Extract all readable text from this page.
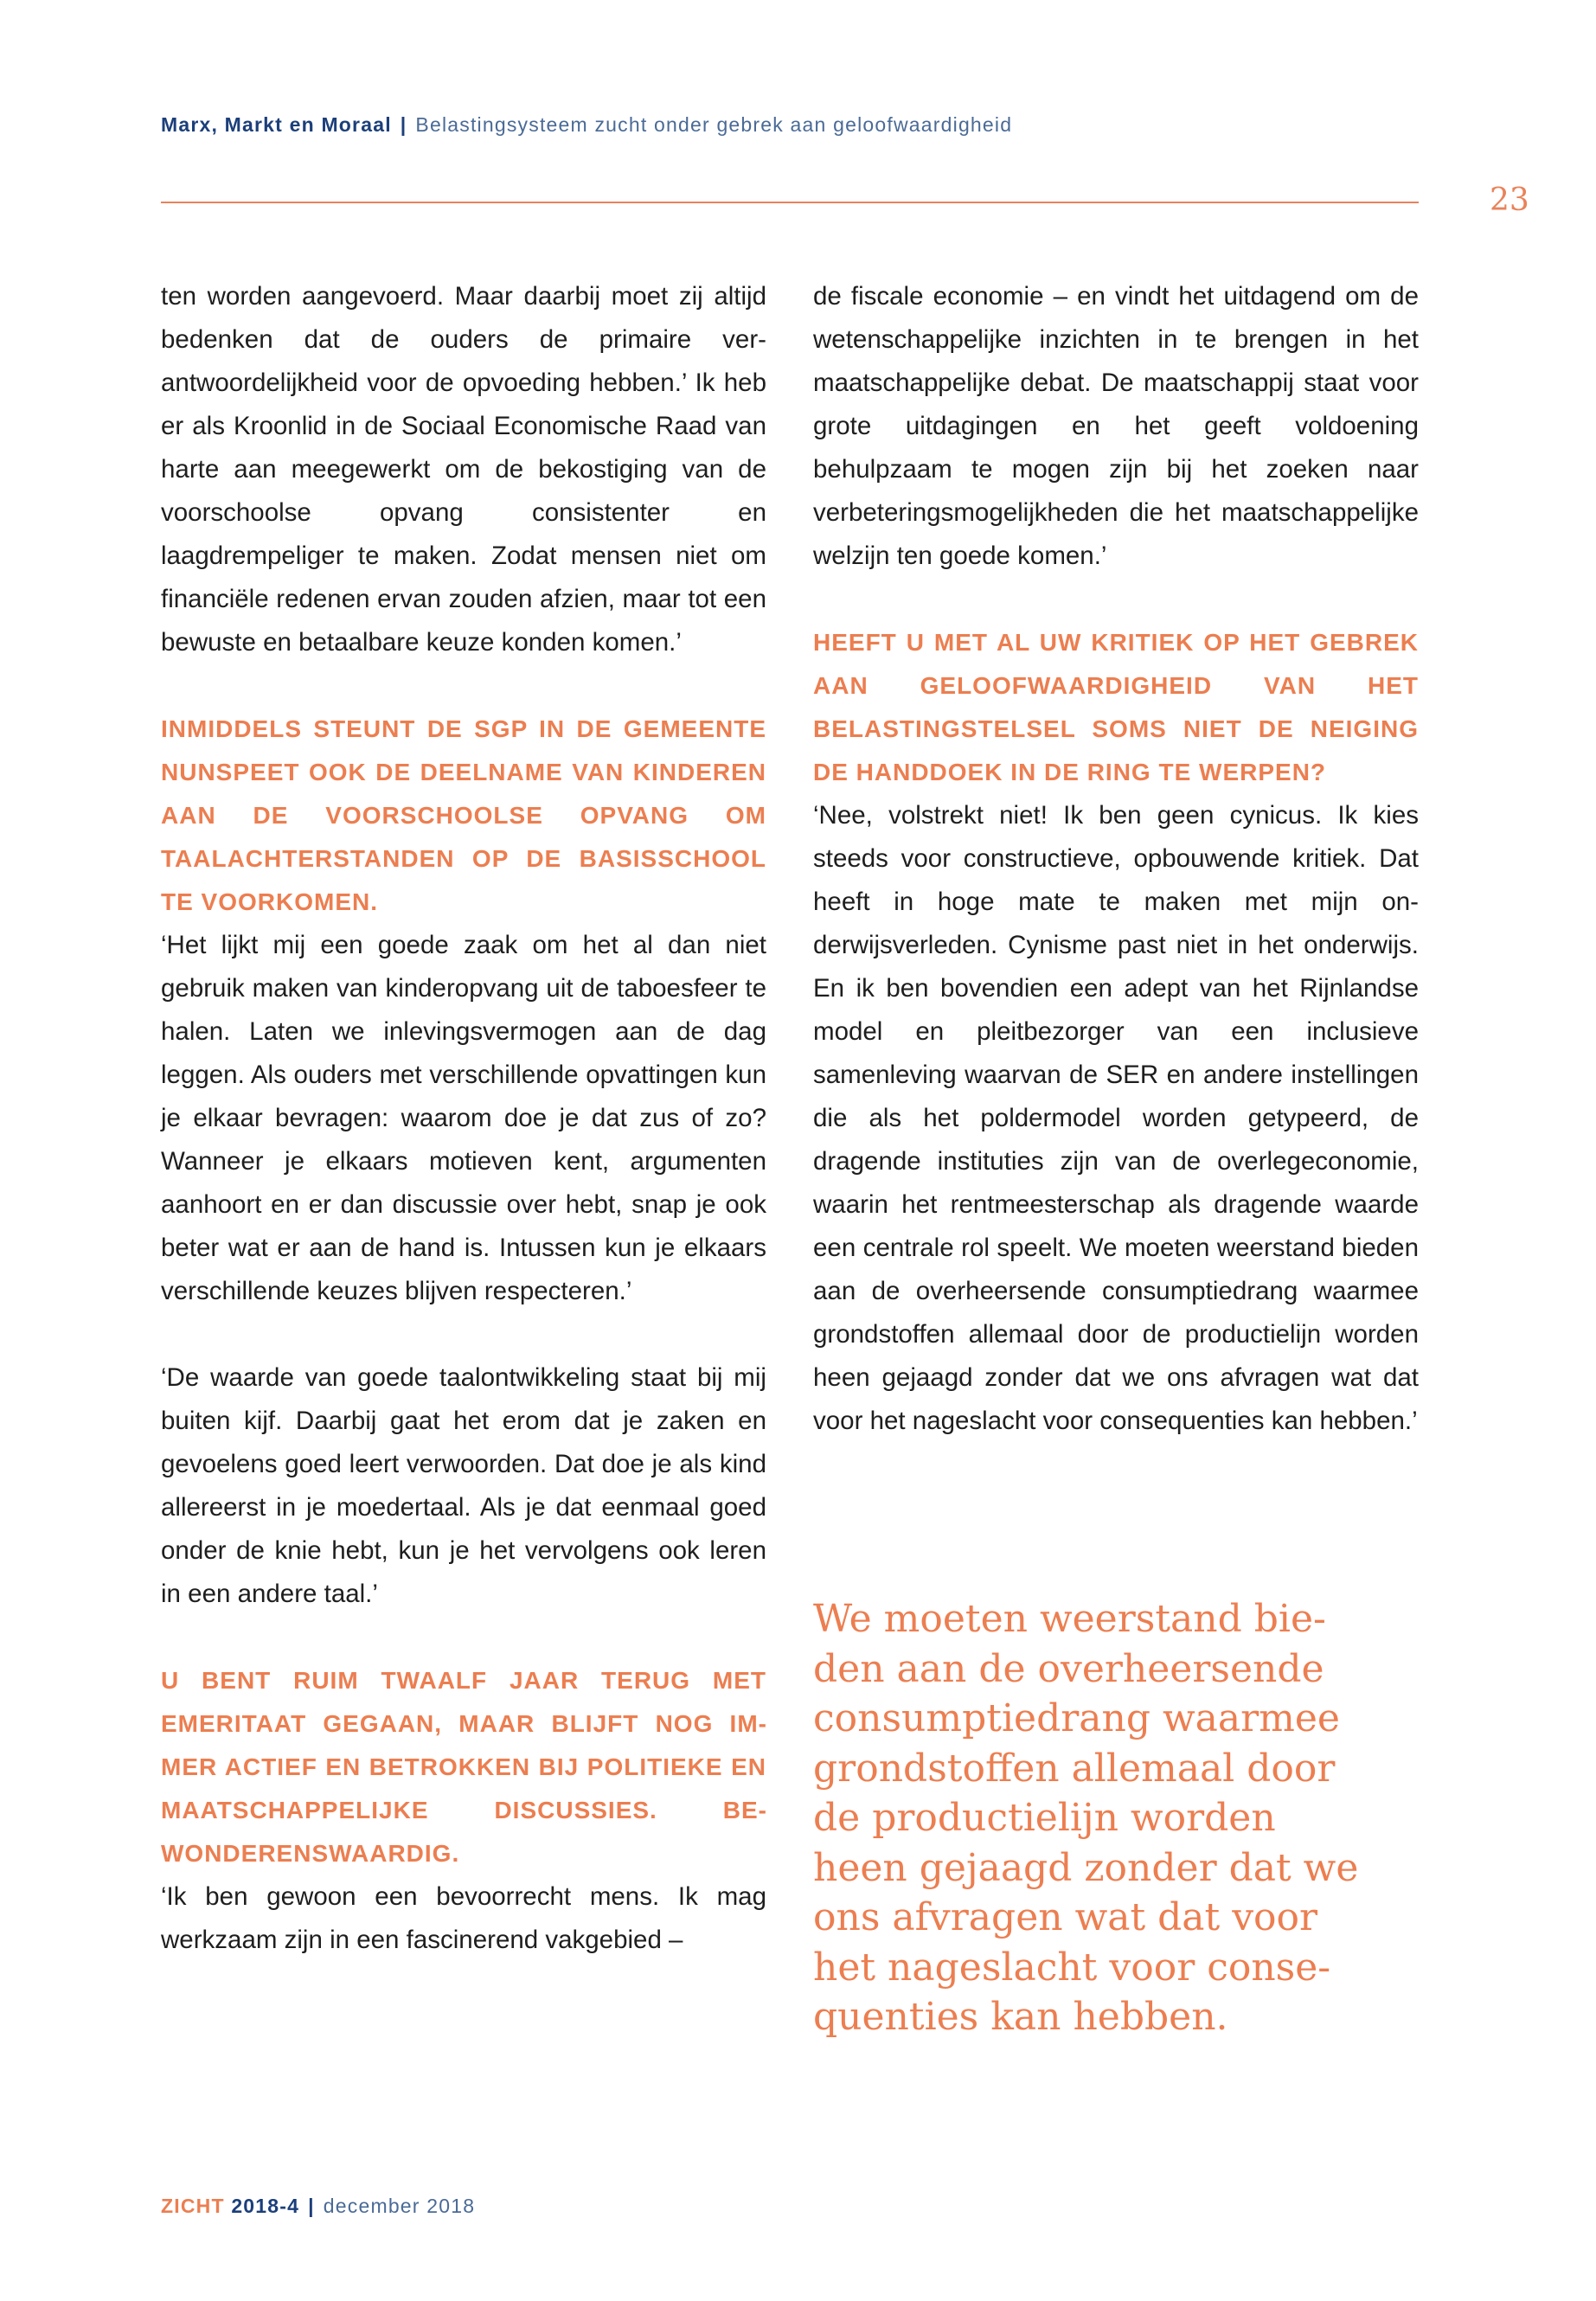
Marx, Markt en Moraal | Belastingsysteem zucht onder gebrek aan geloofwaardigheid
23

ten worden aangevoerd. Maar daarbij moet zij altijd bedenken dat de ouders de primaire verantwoordelijkheid voor de opvoeding hebben.’ Ik heb er als Kroonlid in de Sociaal Economische Raad van harte aan meegewerkt om de bekostiging van de voorschoolse opvang consistenter en laagdrempeliger te maken. Zodat mensen niet om financiële redenen ervan zouden afzien, maar tot een bewuste en betaalbare keuze konden komen.’

INMIDDELS STEUNT DE SGP IN DE GEMEENTE NUNSPEET OOK DE DEELNAME VAN KINDEREN AAN DE VOORSCHOOLSE OPVANG OM TAALACHTERSTANDEN OP DE BASISSCHOOL TE VOORKOMEN.

‘Het lijkt mij een goede zaak om het al dan niet gebruik maken van kinderopvang uit de taboesfeer te halen. Laten we inlevingsvermogen aan de dag leggen. Als ouders met verschillende opvattingen kun je elkaar bevragen: waarom doe je dat zus of zo? Wanneer je elkaars motieven kent, argumenten aanhoort en er dan discussie over hebt, snap je ook beter wat er aan de hand is. Intussen kun je elkaars verschillende keuzes blijven respecteren.’

‘De waarde van goede taalontwikkeling staat bij mij buiten kijf. Daarbij gaat het erom dat je zaken en gevoelens goed leert verwoorden. Dat doe je als kind allereerst in je moedertaal. Als je dat eenmaal goed onder de knie hebt, kun je het vervolgens ook leren in een andere taal.’

U BENT RUIM TWAALF JAAR TERUG MET EMERITAAT GEGAAN, MAAR BLIJFT NOG IMMER ACTIEF EN BETROKKEN BIJ POLITIEKE EN MAATSCHAPPELIJKE DISCUSSIES. BEWONDERENSWAARDIG.

‘Ik ben gewoon een bevoorrecht mens. Ik mag werkzaam zijn in een fascinerend vakgebied –

de fiscale economie – en vindt het uitdagend om de wetenschappelijke inzichten in te brengen in het maatschappelijke debat. De maatschappij staat voor grote uitdagingen en het geeft voldoening behulpzaam te mogen zijn bij het zoeken naar verbeteringsmogelijkheden die het maatschappelijke welzijn ten goede komen.’

HEEFT U MET AL UW KRITIEK OP HET GEBREK AAN GELOOFWAARDIGHEID VAN HET BELASTINGSTELSEL SOMS NIET DE NEIGING DE HANDDOEK IN DE RING TE WERPEN?

‘Nee, volstrekt niet! Ik ben geen cynicus. Ik kies steeds voor constructieve, opbouwende kritiek. Dat heeft in hoge mate te maken met mijn onderwijsverleden. Cynisme past niet in het onderwijs. En ik ben bovendien een adept van het Rijnlandse model en pleitbezorger van een inclusieve samenleving waarvan de SER en andere instellingen die als het poldermodel worden getypeerd, de dragende instituties zijn van de overlegeconomie, waarin het rentmeesterschap als dragende waarde een centrale rol speelt. We moeten weerstand bieden aan de overheersende consumptiedrang waarmee grondstoffen allemaal door de productielijn worden heen gejaagd zonder dat we ons afvragen wat dat voor het nageslacht voor consequenties kan hebben.’

We moeten weerstand bie-
den aan de overheersende
consumptiedrang waarmee
grondstoffen allemaal door
de productielijn worden
heen gejaagd zonder dat we
ons afvragen wat dat voor
het nageslacht voor conse-
quenties kan hebben.
ZICHT 2018-4 | december 2018
